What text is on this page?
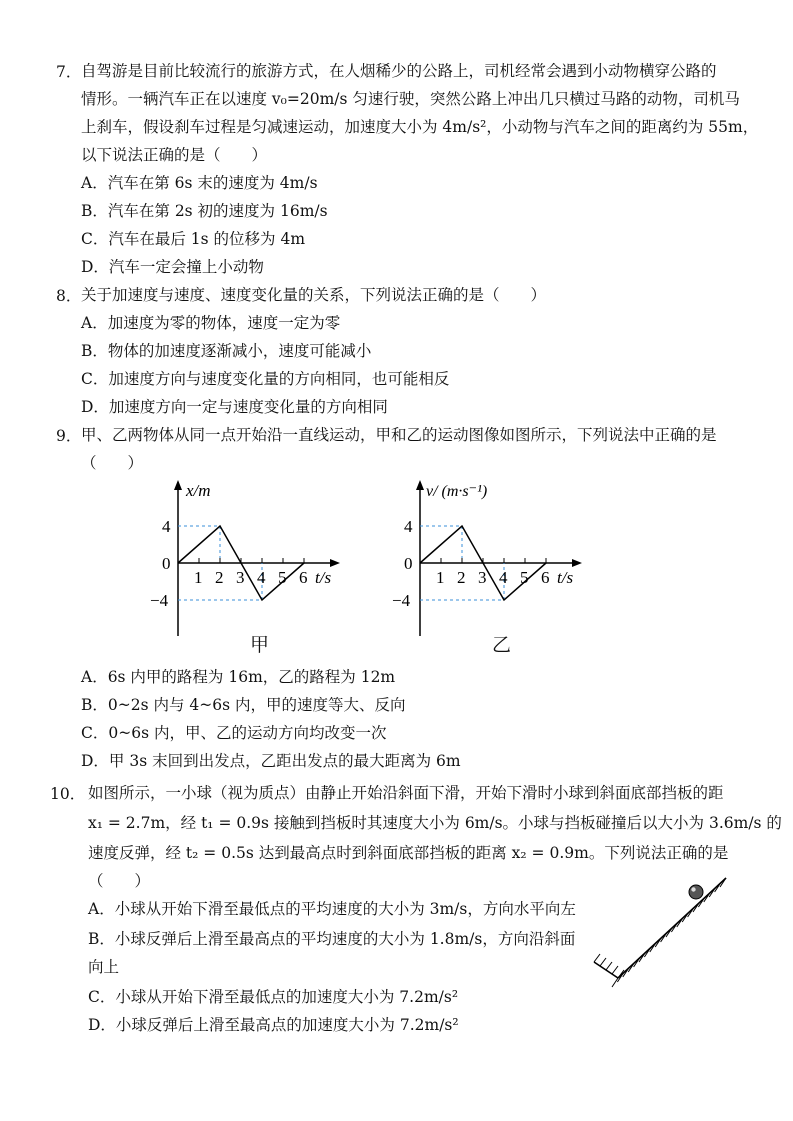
7． 自驾游是目前比较流行的旅游方式，在人烟稀少的公路上，司机经常会遇到小动物横穿公路的
情形。一辆汽车正在以速度 v₀=20m/s 匀速行驶，突然公路上冲出几只横过马路的动物，司机马
上刹车，假设刹车过程是匀减速运动，加速度大小为 4m/s²，小动物与汽车之间的距离约为 55m，
以下说法正确的是（　　）
A．汽车在第 6s 末的速度为 4m/s
B．汽车在第 2s 初的速度为 16m/s
C．汽车在最后 1s 的位移为 4m
D．汽车一定会撞上小动物
8． 关于加速度与速度、速度变化量的关系，下列说法正确的是（　　）
A．加速度为零的物体，速度一定为零
B．物体的加速度逐渐减小，速度可能减小
C．加速度方向与速度变化量的方向相同，也可能相反
D．加速度方向一定与速度变化量的方向相同
9． 甲、乙两物体从同一点开始沿一直线运动，甲和乙的运动图像如图所示，下列说法中正确的是
（　　）
1 2 3 4 5 6
x/m
4
0
−4
t/s
甲
1 2 3 4 5 6
v/ (m·s⁻¹)
4
0
−4
t/s
乙
A．6s 内甲的路程为 16m，乙的路程为 12m
B．0~2s 内与 4~6s 内，甲的速度等大、反向
C．0~6s 内，甲、乙的运动方向均改变一次
D．甲 3s 末回到出发点，乙距出发点的最大距离为 6m
10． 如图所示，一小球（视为质点）由静止开始沿斜面下滑，开始下滑时小球到斜面底部挡板的距
x₁ = 2.7m，经 t₁ = 0.9s 接触到挡板时其速度大小为 6m/s。小球与挡板碰撞后以大小为 3.6m/s 的
速度反弹，经 t₂ = 0.5s 达到最高点时到斜面底部挡板的距离 x₂ = 0.9m。下列说法正确的是
（　　）
A．小球从开始下滑至最低点的平均速度的大小为 3m/s，方向水平向左
B．小球反弹后上滑至最高点的平均速度的大小为 1.8m/s，方向沿斜面
向上
C．小球从开始下滑至最低点的加速度大小为 7.2m/s²
D．小球反弹后上滑至最高点的加速度大小为 7.2m/s²
